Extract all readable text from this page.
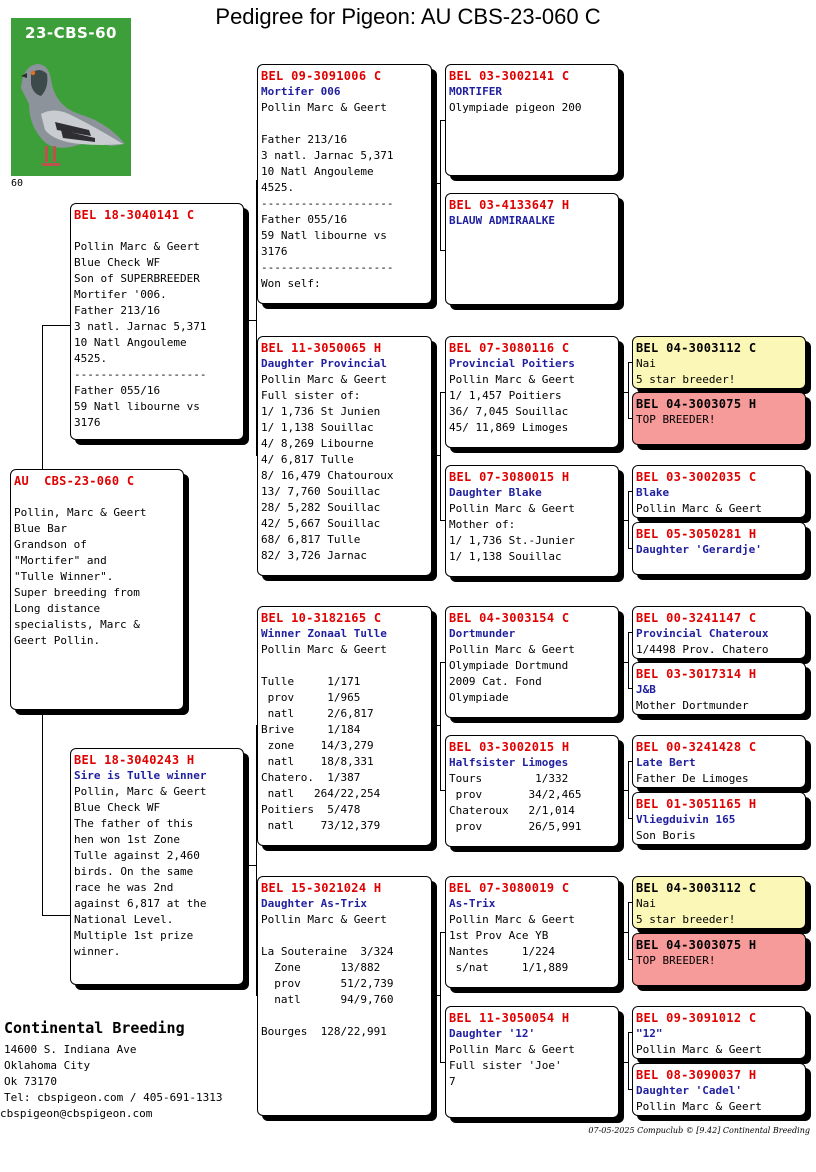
Pedigree for Pigeon: AU CBS-23-060 C
23-CBS-60
60
AU  CBS-23-060 C

Pollin, Marc & Geert
Blue Bar
Grandson of
"Mortifer" and
"Tulle Winner".
Super breeding from
Long distance
specialists, Marc &
Geert Pollin.
BEL 18-3040141 C
Pollin Marc & Geert
Blue Check WF
Son of SUPERBREEDER
Mortifer '006.
Father 213/16
3 natl. Jarnac 5,371
10 Natl Angouleme
4525.
--------------------
Father 055/16
59 Natl libourne vs
3176
BEL 18-3040243 H
Sire is Tulle winner
Pollin, Marc & Geert
Blue Check WF
The father of this
hen won 1st Zone
Tulle against 2,460
birds. On the same
race he was 2nd
against 6,817 at the
National Level.
Multiple 1st prize
winner.
BEL 09-3091006 C
Mortifer 006
Pollin Marc & Geert

Father 213/16
3 natl. Jarnac 5,371
10 Natl Angouleme
4525.
--------------------
Father 055/16
59 Natl libourne vs
3176
--------------------
Won self:
BEL 11-3050065 H
Daughter Provincial
Pollin Marc & Geert
Full sister of:
1/ 1,736 St Junien
1/ 1,138 Souillac
4/ 8,269 Libourne
4/ 6,817 Tulle
8/ 16,479 Chatouroux
13/ 7,760 Souillac
28/ 5,282 Souillac
42/ 5,667 Souillac
68/ 6,817 Tulle
82/ 3,726 Jarnac
BEL 10-3182165 C
Winner Zonaal Tulle
Pollin Marc & Geert

Tulle     1/171
prov     1/965
natl     2/6,817
Brive     1/184
zone    14/3,279
natl    18/8,331
Chatero.  1/387
natl   264/22,254
Poitiers  5/478
natl    73/12,379
BEL 15-3021024 H
Daughter As-Trix
Pollin Marc & Geert

La Souteraine  3/324
Zone      13/882
prov      51/2,739
natl      94/9,760

Bourges  128/22,991
BEL 03-3002141 C
MORTIFER
Olympiade pigeon 200
BEL 03-4133647 H
BLAUW ADMIRAALKE
BEL 07-3080116 C
Provincial Poitiers
Pollin Marc & Geert
1/ 1,457 Poitiers
36/ 7,045 Souillac
45/ 11,869 Limoges
BEL 07-3080015 H
Daughter Blake
Pollin Marc & Geert
Mother of:
1/ 1,736 St.-Junier
1/ 1,138 Souillac
BEL 04-3003154 C
Dortmunder
Pollin Marc & Geert
Olympiade Dortmund
2009 Cat. Fond
Olympiade
BEL 03-3002015 H
Halfsister Limoges
Tours        1/332
prov       34/2,465
Chateroux   2/1,014
prov       26/5,991
BEL 07-3080019 C
As-Trix
Pollin Marc & Geert
1st Prov Ace YB
Nantes     1/224
s/nat     1/1,889
BEL 11-3050054 H
Daughter '12'
Pollin Marc & Geert
Full sister 'Joe'
7
BEL 04-3003112 C
Nai
5 star breeder!
BEL 04-3003075 H
TOP BREEDER!
BEL 03-3002035 C
Blake
Pollin Marc & Geert
BEL 05-3050281 H
Daughter 'Gerardje'
BEL 00-3241147 C
Provincial Chateroux
1/4498 Prov. Chatero
BEL 03-3017314 H
J&B
Mother Dortmunder
BEL 00-3241428 C
Late Bert
Father De Limoges
BEL 01-3051165 H
Vliegduivin 165
Son Boris
BEL 04-3003112 C
Nai
5 star breeder!
BEL 04-3003075 H
TOP BREEDER!
BEL 09-3091012 C
"12"
Pollin Marc & Geert
BEL 08-3090037 H
Daughter 'Cadel'
Pollin Marc & Geert
Continental Breeding
14600 S. Indiana Ave
Oklahoma City
Ok 73170
Tel: cbspigeon.com / 405-691-1313
cbspigeon@cbspigeon.com
07-05-2025 Compuclub © [9.42] Continental Breeding
